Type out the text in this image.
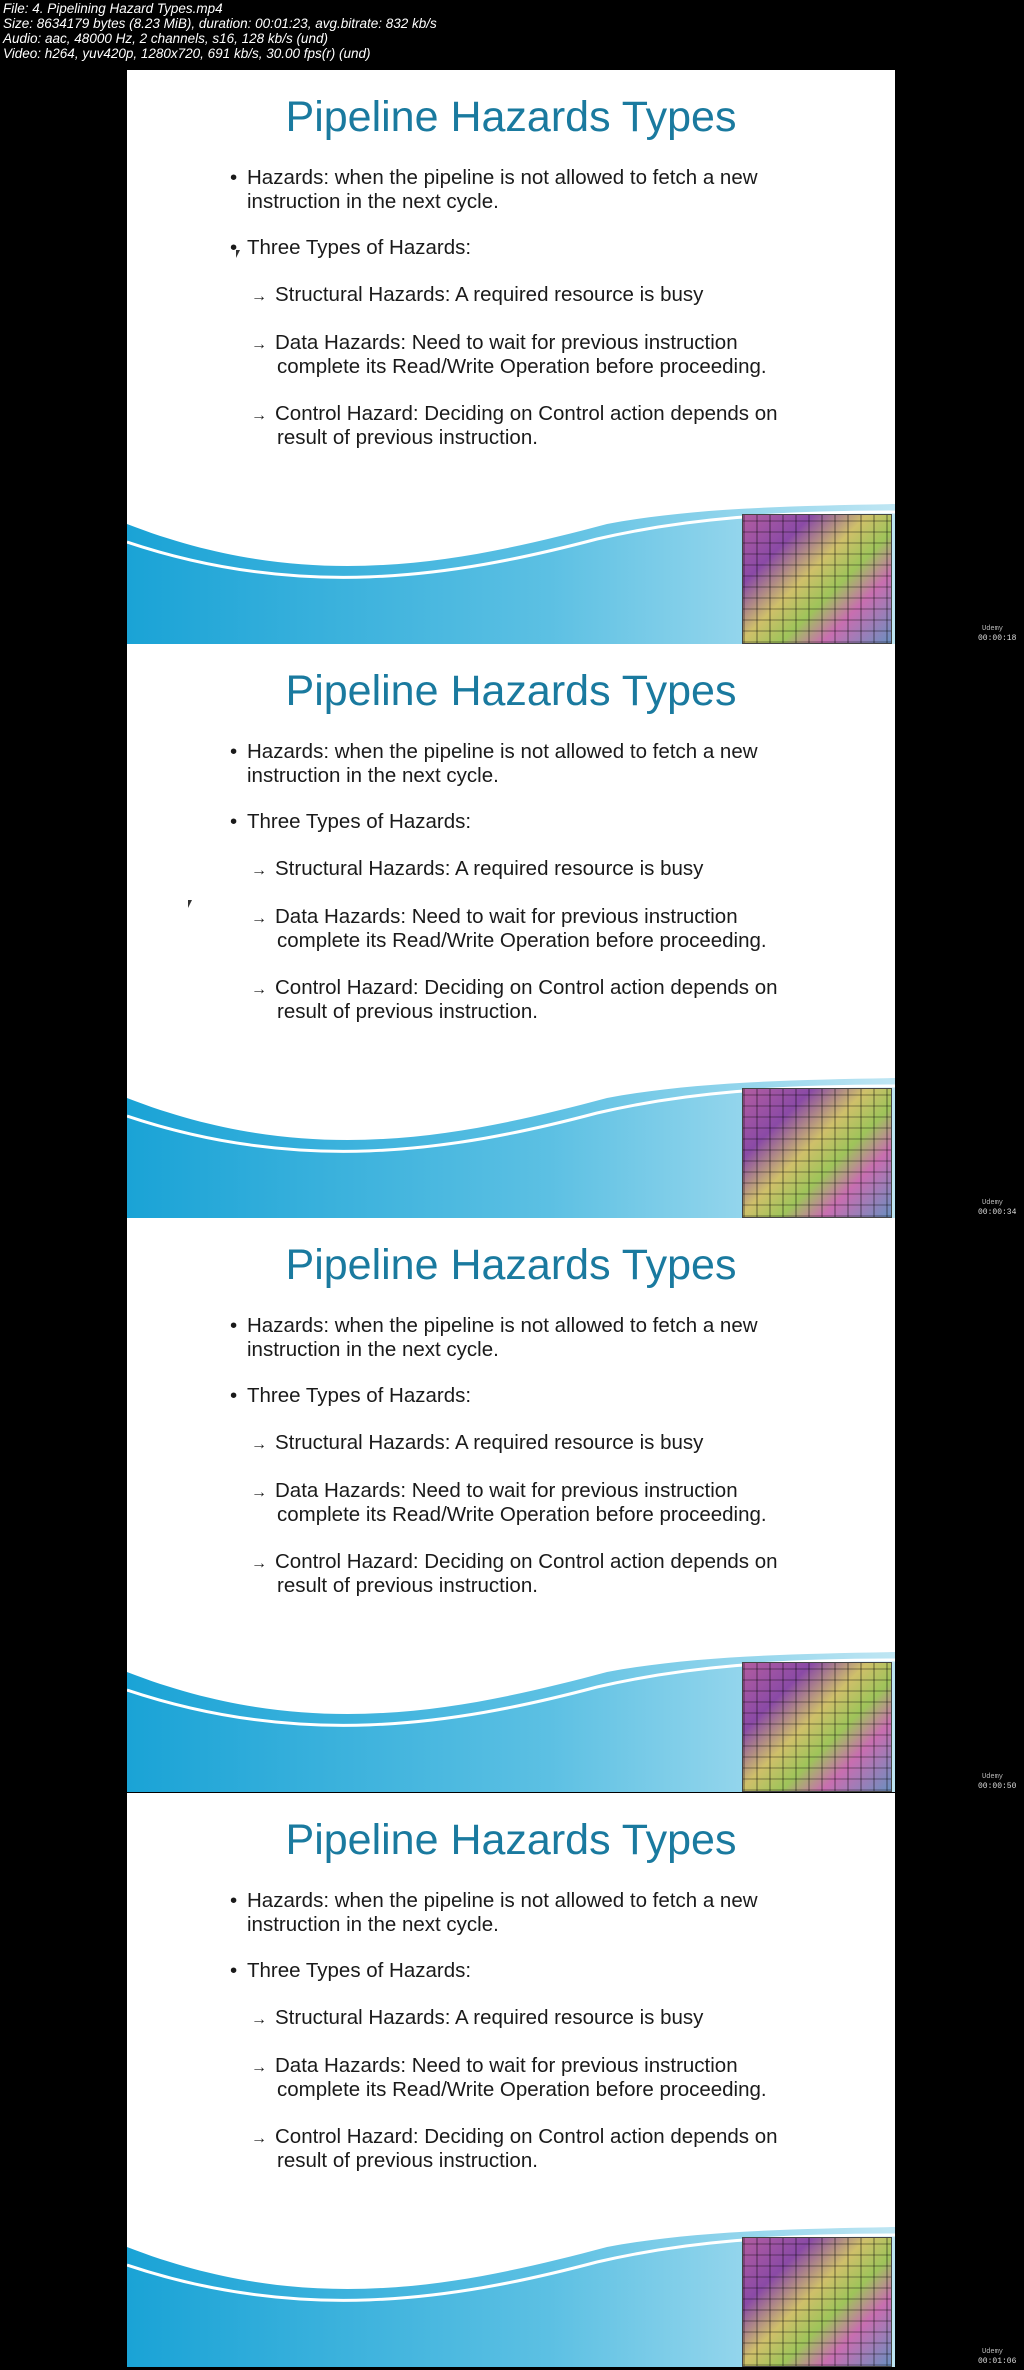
File: 4. Pipelining Hazard Types.mp4
Size: 8634179 bytes (8.23 MiB), duration: 00:01:23, avg.bitrate: 832 kb/s
Audio: aac, 48000 Hz, 2 channels, s16, 128 kb/s (und)
Video: h264, yuv420p, 1280x720, 691 kb/s, 30.00 fps(r) (und)
Pipeline Hazards Types
• Hazards: when the pipeline is not allowed to fetch a new instruction in the next cycle.
• Three Types of Hazards:
→ Structural Hazards: A required resource is busy
→ Data Hazards: Need to wait for previous instruction
complete its Read/Write Operation before proceeding.
→ Control Hazard: Deciding on Control action depends on
result of previous instruction.
Udemy
00:00:18
Pipeline Hazards Types
• Hazards: when the pipeline is not allowed to fetch a new instruction in the next cycle.
• Three Types of Hazards:
→ Structural Hazards: A required resource is busy
→ Data Hazards: Need to wait for previous instruction
complete its Read/Write Operation before proceeding.
→ Control Hazard: Deciding on Control action depends on
result of previous instruction.
Udemy
00:00:34
Pipeline Hazards Types
• Hazards: when the pipeline is not allowed to fetch a new instruction in the next cycle.
• Three Types of Hazards:
→ Structural Hazards: A required resource is busy
→ Data Hazards: Need to wait for previous instruction
complete its Read/Write Operation before proceeding.
→ Control Hazard: Deciding on Control action depends on
result of previous instruction.
Udemy
00:00:50
Pipeline Hazards Types
• Hazards: when the pipeline is not allowed to fetch a new instruction in the next cycle.
• Three Types of Hazards:
→ Structural Hazards: A required resource is busy
→ Data Hazards: Need to wait for previous instruction
complete its Read/Write Operation before proceeding.
→ Control Hazard: Deciding on Control action depends on
result of previous instruction.
Udemy
00:01:06
